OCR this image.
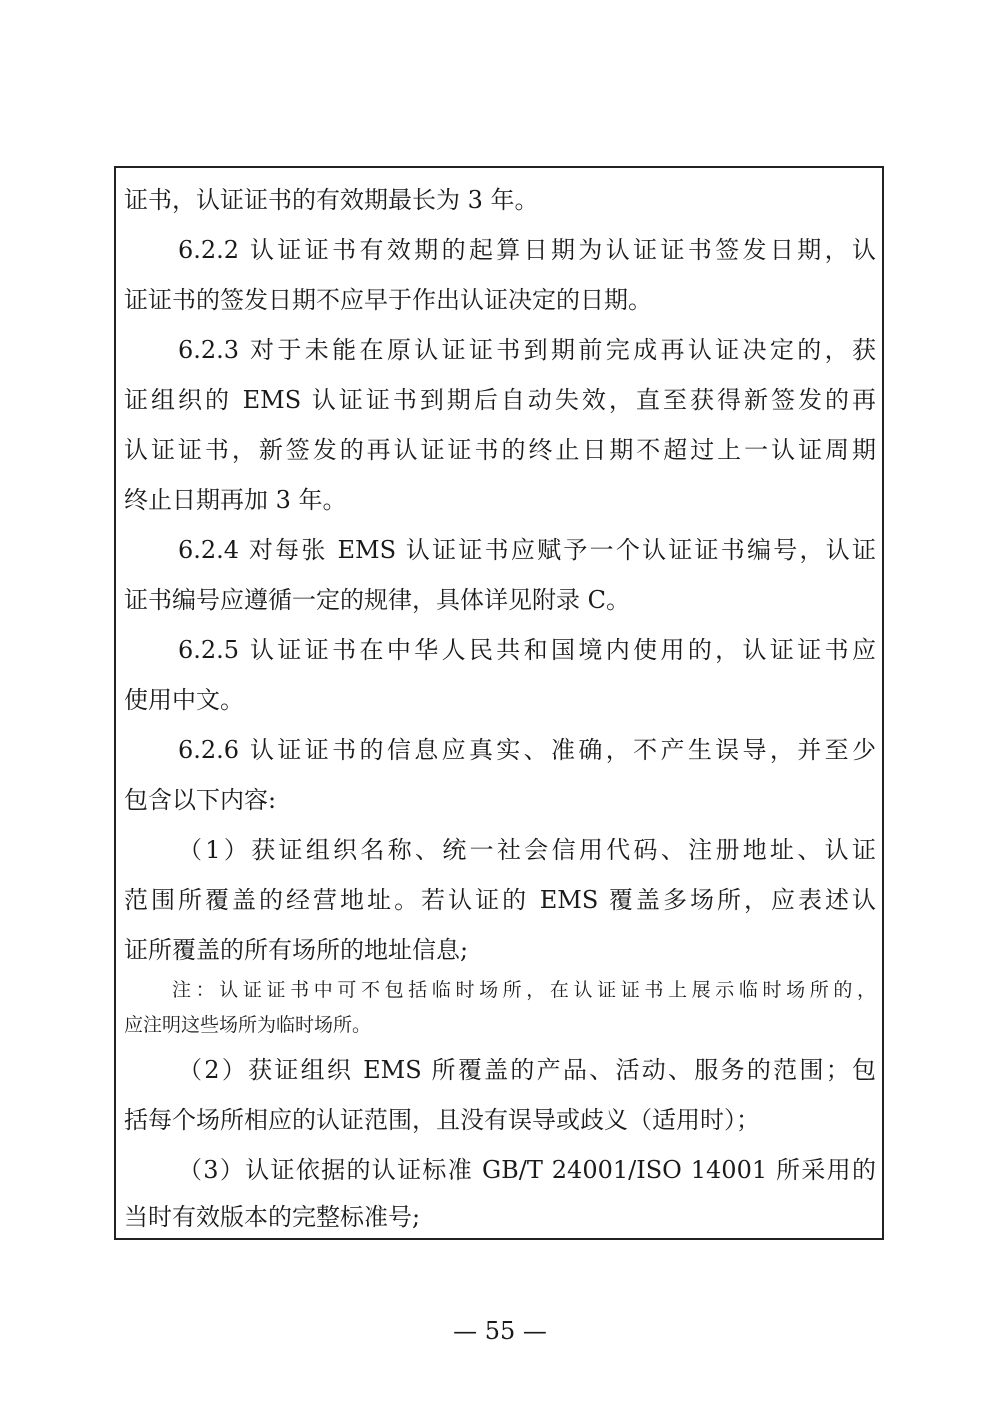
证书，认证证书的有效期最长为 3 年。
6.2.2 认证证书有效期的起算日期为认证证书签发日期，认
证证书的签发日期不应早于作出认证决定的日期。
6.2.3 对于未能在原认证证书到期前完成再认证决定的，获
证组织的 EMS 认证证书到期后自动失效，直至获得新签发的再
认证证书，新签发的再认证证书的终止日期不超过上一认证周期
终止日期再加 3 年。
6.2.4 对每张 EMS 认证证书应赋予一个认证证书编号，认证
证书编号应遵循一定的规律，具体详见附录 C。
6.2.5 认证证书在中华人民共和国境内使用的，认证证书应
使用中文。
6.2.6 认证证书的信息应真实、准确，不产生误导，并至少
包含以下内容:
（1）获证组织名称、统一社会信用代码、注册地址、认证
范围所覆盖的经营地址。若认证的 EMS 覆盖多场所，应表述认
证所覆盖的所有场所的地址信息;
注：认证证书中可不包括临时场所，在认证证书上展示临时场所的，
应注明这些场所为临时场所。
（2）获证组织 EMS 所覆盖的产品、活动、服务的范围；包
括每个场所相应的认证范围，且没有误导或歧义（适用时）；
（3）认证依据的认证标准 GB/T 24001/ISO 14001 所采用的
当时有效版本的完整标准号;
— 55 —
